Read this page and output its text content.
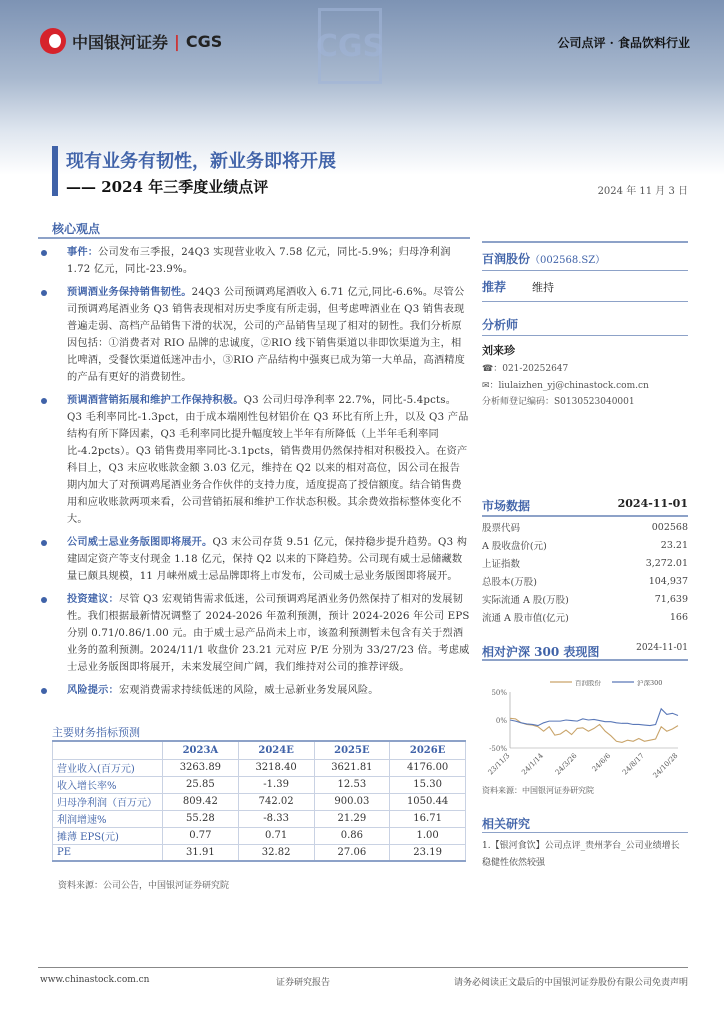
CGS
中国银河证券 | CGS	公司点评 · 食品饮料行业
现有业务有韧性，新业务即将开展
—— 2024 年三季度业绩点评	2024 年 11 月 3 日
核心观点
事件：公司发布三季报，24Q3 实现营业收入 7.58 亿元，同比-5.9%；归母净利润 1.72 亿元，同比-23.9%。
预调酒业务保持销售韧性。24Q3 公司预调鸡尾酒收入 6.71 亿元,同比-6.6%。尽管公司预调鸡尾酒业务 Q3 销售表现相对历史季度有所走弱，但考虑啤酒业在 Q3 销售表现普遍走弱、高档产品销售下滑的状况，公司的产品销售呈现了相对的韧性。我们分析原因包括：①消费者对 RIO 品牌的忠诚度，②RIO 线下销售渠道以非即饮渠道为主，相比啤酒，受餐饮渠道低迷冲击小，③RIO 产品结构中强爽已成为第一大单品，高酒精度的产品有更好的消费韧性。
预调酒营销拓展和维护工作保持积极。Q3 公司归母净利率 22.7%，同比-5.4pcts。Q3 毛利率同比-1.3pct，由于成本端刚性包材铝价在 Q3 环比有所上升，以及 Q3 产品结构有所下降因素，Q3 毛利率同比提升幅度较上半年有所降低（上半年毛利率同比-4.2pcts）。Q3 销售费用率同比-3.1pcts，销售费用仍然保持相对积极投入。在资产科目上，Q3 末应收账款金额 3.03 亿元，维持在 Q2 以来的相对高位，因公司在报告期内加大了对预调鸡尾酒业务合作伙伴的支持力度，适度提高了授信额度。结合销售费用和应收账款两项来看，公司营销拓展和维护工作状态积极。其余费效指标整体变化不大。
公司威士忌业务版图即将展开。Q3 末公司存货 9.51 亿元，保持稳步提升趋势。Q3 构建固定资产等支付现金 1.18 亿元，保持 Q2 以来的下降趋势。公司现有威士忌储藏数量已颇具规模，11 月崃州威士忌品牌即将上市发布，公司威士忌业务版图即将展开。
投资建议：尽管 Q3 宏观销售需求低迷，公司预调鸡尾酒业务仍然保持了相对的发展韧性。我们根据最新情况调整了 2024-2026 年盈利预测，预计 2024-2026 年公司 EPS 分别 0.71/0.86/1.00 元。由于威士忌产品尚未上市，该盈利预测暂未包含有关于烈酒业务的盈利预测。2024/11/1 收盘价 23.21 元对应 P/E 分别为 33/27/23 倍。考虑威士忌业务版图即将展开，未来发展空间广阔，我们维持对公司的推荐评级。
风险提示：宏观消费需求持续低迷的风险，威士忌新业务发展风险。
主要财务指标预测
	2023A	2024E	2025E	2026E
营业收入(百万元)	3263.89	3218.40	3621.81	4176.00
收入增长率%	25.85	-1.39	12.53	15.30
归母净利润（百万元）	809.42	742.02	900.03	1050.44
利润增速%	55.28	-8.33	21.29	16.71
摊薄 EPS(元)	0.77	0.71	0.86	1.00
PE	31.91	32.82	27.06	23.19
资料来源：公司公告，中国银河证券研究院
百润股份（002568.SZ）
推荐 维持
分析师
刘来珍
☎：021-20252647
✉：liulaizhen_yj@chinastock.com.cn
分析师登记编码：S0130523040001
市场数据	2024-11-01
股票代码	002568
A 股收盘价(元)	23.21
上证指数	3,272.01
总股本(万股)	104,937
实际流通 A 股(万股)	71,639
流通 A 股市值(亿元)	166
相对沪深 300 表现图	2024-11-01
50%
0%
-50%
23/11/3 24/1/14 24/3/26 24/6/6 24/8/17 24/10/28
百润股份	沪深300
资料来源：中国银河证券研究院
相关研究
1.【银河食饮】公司点评_贵州茅台_公司业绩增长稳健性依然较强
www.chinastock.com.cn	证券研究报告	请务必阅读正文最后的中国银河证券股份有限公司免责声明
